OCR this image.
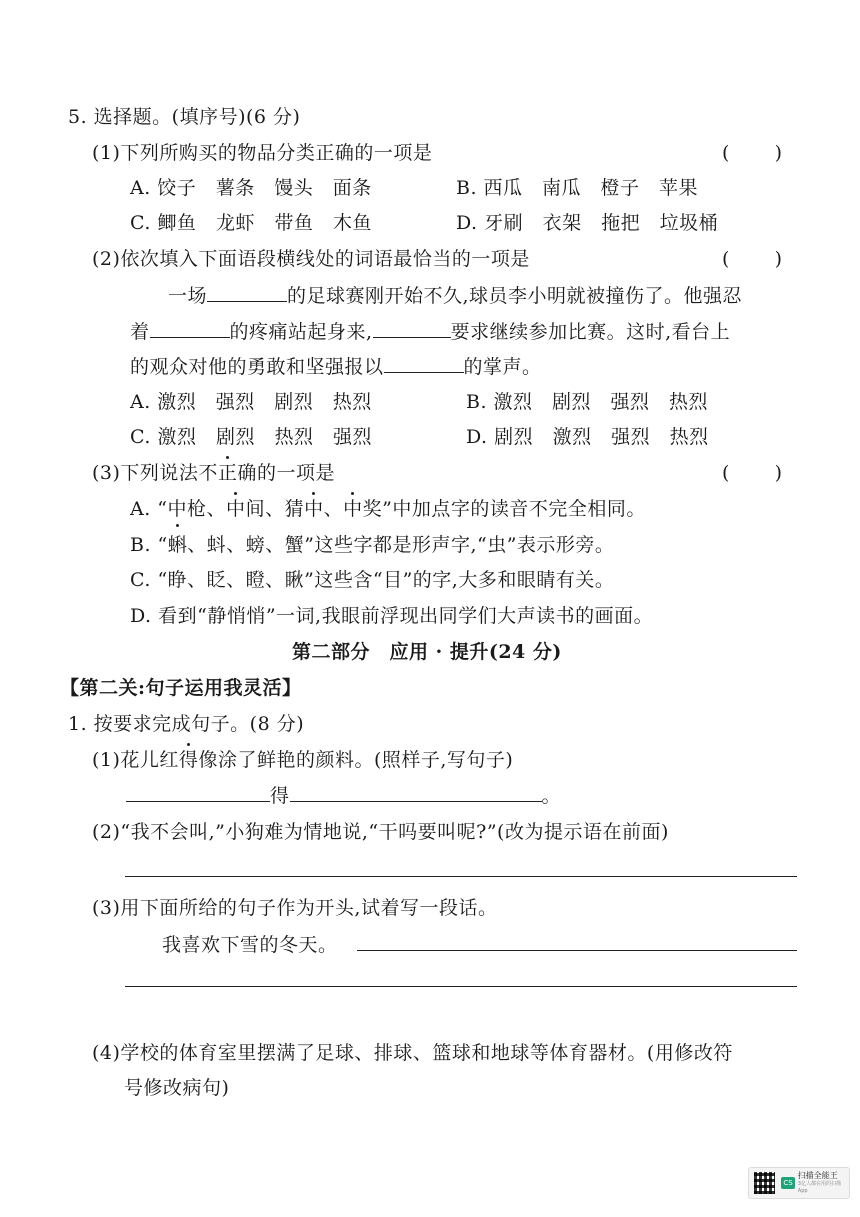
5. 选择题。(填序号)(6 分)
(1)下列所购买的物品分类正确的一项是	( )
A. 饺子　薯条　馒头　面条	B. 西瓜　南瓜　橙子　苹果
C. 鲫鱼　龙虾　带鱼　木鱼	D. 牙刷　衣架　拖把　垃圾桶
(2)依次填入下面语段横线处的词语最恰当的一项是	( )
一场	的足球赛刚开始不久,球员李小明就被撞伤了。他强忍
着	的疼痛站起身来,	要求继续参加比赛。这时,看台上
的观众对他的勇敢和坚强报以	的掌声。
A. 激烈　强烈　剧烈　热烈	B. 激烈　剧烈　强烈　热烈
C. 激烈　剧烈　热烈　强烈	D. 剧烈　激烈　强烈　热烈
(3)下列说法不正确的一项是	( )
A. “中枪、中间、猜中、中奖”中加点字的读音不完全相同。
B. “蝌、蚪、螃、蟹”这些字都是形声字,“虫”表示形旁。
C. “睁、眨、瞪、瞅”这些含“目”的字,大多和眼睛有关。
D. 看到“静悄悄”一词,我眼前浮现出同学们大声读书的画面。
第二部分　应用 · 提升(24 分)
【第二关:句子运用我灵活】
1. 按要求完成句子。(8 分)
(1)花儿红得像涂了鲜艳的颜料。(照样子,写句子)
得	。
(2)“我不会叫,”小狗难为情地说,“干吗要叫呢?”(改为提示语在前面)
(3)用下面所给的句子作为开头,试着写一段话。
我喜欢下雪的冬天。
(4)学校的体育室里摆满了足球、排球、篮球和地球等体育器材。(用修改符
号修改病句)
CS
扫描全能王
3亿人都在用的扫描App
